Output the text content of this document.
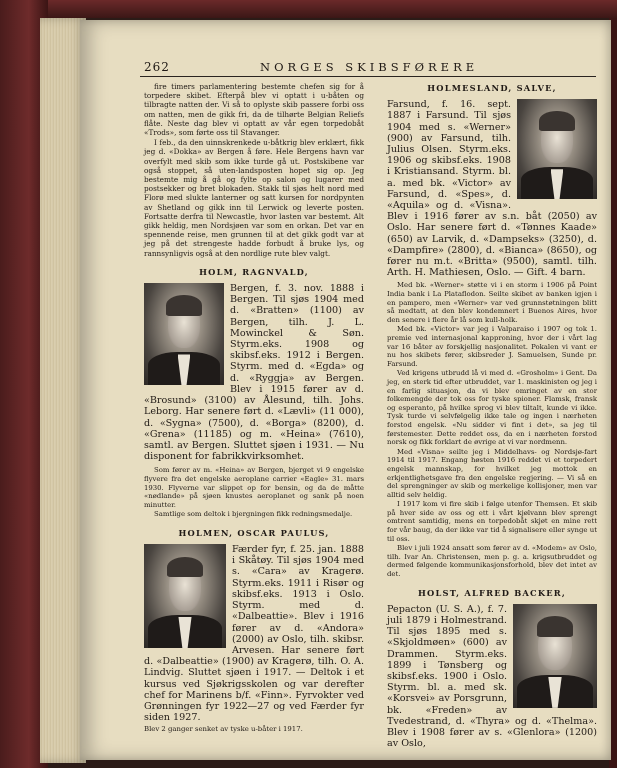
262	NORGES SKIBSFØRERE

fire timers parlamentering bestemte chefen sig for å torpedere skibet. Efterpå blev vi optatt i u-båten og tilbragte natten der. Vi så to oplyste skib passere forbi oss om natten, men de gikk fri, da de tilhørte Belgian Reliefs flåte. Neste dag blev vi optatt av vår egen torpedobåt «Trods», som førte oss til Stavanger.

I feb., da den uinnskrenkede u-båtkrig blev erklært, fikk jeg d. «Dokka» av Bergen å føre. Hele Bergens havn var overfylt med skib som ikke turde gå ut. Postskibene var også stoppet, så uten-landsposten hopet sig op. Jeg bestemte mig å gå og fylte op salon og lugarer med postsekker og bret blokaden. Stakk til sjøs helt nord med Florø med slukte lanterner og satt kursen for nordpynten av Shetland og gikk inn til Lerwick og leverte posten. Fortsatte derfra til Newcastle, hvor lasten var bestemt. Alt gikk heldig, men Nordsjøen var som en orkan. Det var en spennende reise, men grunnen til at det gikk godt var at jeg på det strengeste hadde forbudt å bruke lys, og rannsynligvis også at den nordlige rute blev valgt.

HOLM, RAGNVALD,

Bergen, f. 3. nov. 1888 i Bergen. Til sjøs 1904 med d. «Bratten» (1100) av Bergen, tilh. J. L. Mowinckel & Søn. Styrm.eks. 1908 og skibsf.eks. 1912 i Bergen. Styrm. med d. «Egda» og d. «Ryggja» av Bergen. Blev i 1915 fører av d. «Brosund» (3100) av Ålesund, tilh. Johs. Leborg. Har senere ført d. «Lævli» (11 000), d. «Sygna» (7500), d. «Borga» (8200), d. «Grena» (11185) og m. «Heina» (7610), samtl. av Bergen. Sluttet sjøen i 1931. — Nu disponent for fabrikkvirksomhet.

Som fører av m. «Heina» av Bergen, bjerget vi 9 engelske flyvere fra det engelske aeroplane carrier «Eagle» 31. mars 1930. Flyverne var slippet op for bensin, og da de måtte «nødlande» på sjøen knustes aeroplanet og sank på noen minutter.

Samtlige som deltok i bjergningen fikk redningsmedalje.

HOLMEN, OSCAR PAULUS,

Færder fyr, f. 25. jan. 1888 i Skåtøy. Til sjøs 1904 med s. «Cara» av Kragerø. Styrm.eks. 1911 i Risør og skibsf.eks. 1913 i Oslo. Styrm. med d. «Dalbeattie». Blev i 1916 fører av d. «Andora» (2000) av Oslo, tilh. skibsr. Arvesen. Har senere ført d. «Dalbeattie» (1900) av Kragerø, tilh. O. A. Lindvig. Sluttet sjøen i 1917. — Deltok i et kursus ved Sjøkrigsskolen og var derefter chef for Marinens b/f. «Finn». Fyrvokter ved Grønningen fyr 1922—27 og ved Færder fyr siden 1927.

Blev 2 ganger senket av tyske u-båter i 1917.
HOLMESLAND, SALVE,

Farsund, f. 16. sept. 1887 i Farsund. Til sjøs 1904 med s. «Werner» (900) av Farsund, tilh. Julius Olsen. Styrm.eks. 1906 og skibsf.eks. 1908 i Kristiansand. Styrm. bl. a. med bk. «Victor» av Farsund, d. «Spes», d. «Aquila» og d. «Visna». Blev i 1916 fører av s.n. båt (2050) av Oslo. Har senere ført d. «Tønnes Kaade» (650) av Larvik, d. «Dampseks» (3250), d. «Dampfire» (2800), d. «Bianca» (8650), og fører nu m.t. «Britta» (9500), samtl. tilh. Arth. H. Mathiesen, Oslo. — Gift. 4 barn.

Med bk. «Werner» støtte vi i en storm i 1906 på Point India bank i La Plataflodon. Seilte skibet av banken igjen i en pampero, men «Werner» var ved grunnstøtningen blitt så medtatt, at den blev kondemnert i Buenos Aires, hvor den senere i flere år lå som kull-holk.

Med bk. «Victor» var jeg i Valparaiso i 1907 og tok 1. premie ved internasjonal kapproning, hvor der i vårt lag var 16 båter av forskjellig nasjonalitet. Pokalen vi vant er nu hos skibets fører, skibsreder J. Samuelsen, Sunde pr. Farsund.

Ved krigens utbrudd lå vi med d. «Grosholm» i Gent. Da jeg, en sterk tid efter utbruddet, var 1. maskinisten og jeg i en farlig situasjon, da vi blev omringet av en stor folkemengde der tok oss for tyske spioner. Flamsk, fransk og esperanto, på hvilke sprog vi blev tiltalt, kunde vi ikke. Tysk turde vi selvfølgelig ikke tale og ingen i nærheten forstod engelsk. «Nu sidder vi fint i det», sa jeg til førstemester. Dette reddet oss, da en i nærheten forstod norsk og fikk forklart de øvrige at vi var nordmenn.

Med «Visna» seilte jeg i Middelhavs- og Nordsjø-fart 1914 til 1917. Engang høsten 1916 reddet vi et torpedert engelsk mannskap, for hvilket jeg mottok en erkjentlighetsgave fra den engelske regjering. — Vi så en del sprengninger av skib og merkelige kollisjoner, men var alltid selv heldig.

I 1917 kom vi fire skib i følge utenfor Themsen. Et skib på hver side av oss og ett i vårt kjølvann blev sprengt omtrent samtidig, mens en torpedobåt skjøt en mine rett for vår baug, da der ikke var tid å signalisere eller synge ut til oss.

Blev i juli 1924 ansatt som fører av d. «Modem» av Oslo, tilh. Ivar An. Christensen, men p. g. a. krigsutbruddet og dermed følgende kommunikasjonsforhold, blev det intet av det.

HOLST, ALFRED BACKER,

Pepacton (U. S. A.), f. 7. juli 1879 i Holmestrand. Til sjøs 1895 med s. «Skjoldmøen» (600) av Drammen. Styrm.eks. 1899 i Tønsberg og skibsf.eks. 1900 i Oslo. Styrm. bl. a. med sk. «Korsvei» av Porsgrunn, bk. «Freden» av Tvedestrand, d. «Thyra» og d. «Thelma». Blev i 1908 fører av s. «Glenlora» (1200) av Oslo,
